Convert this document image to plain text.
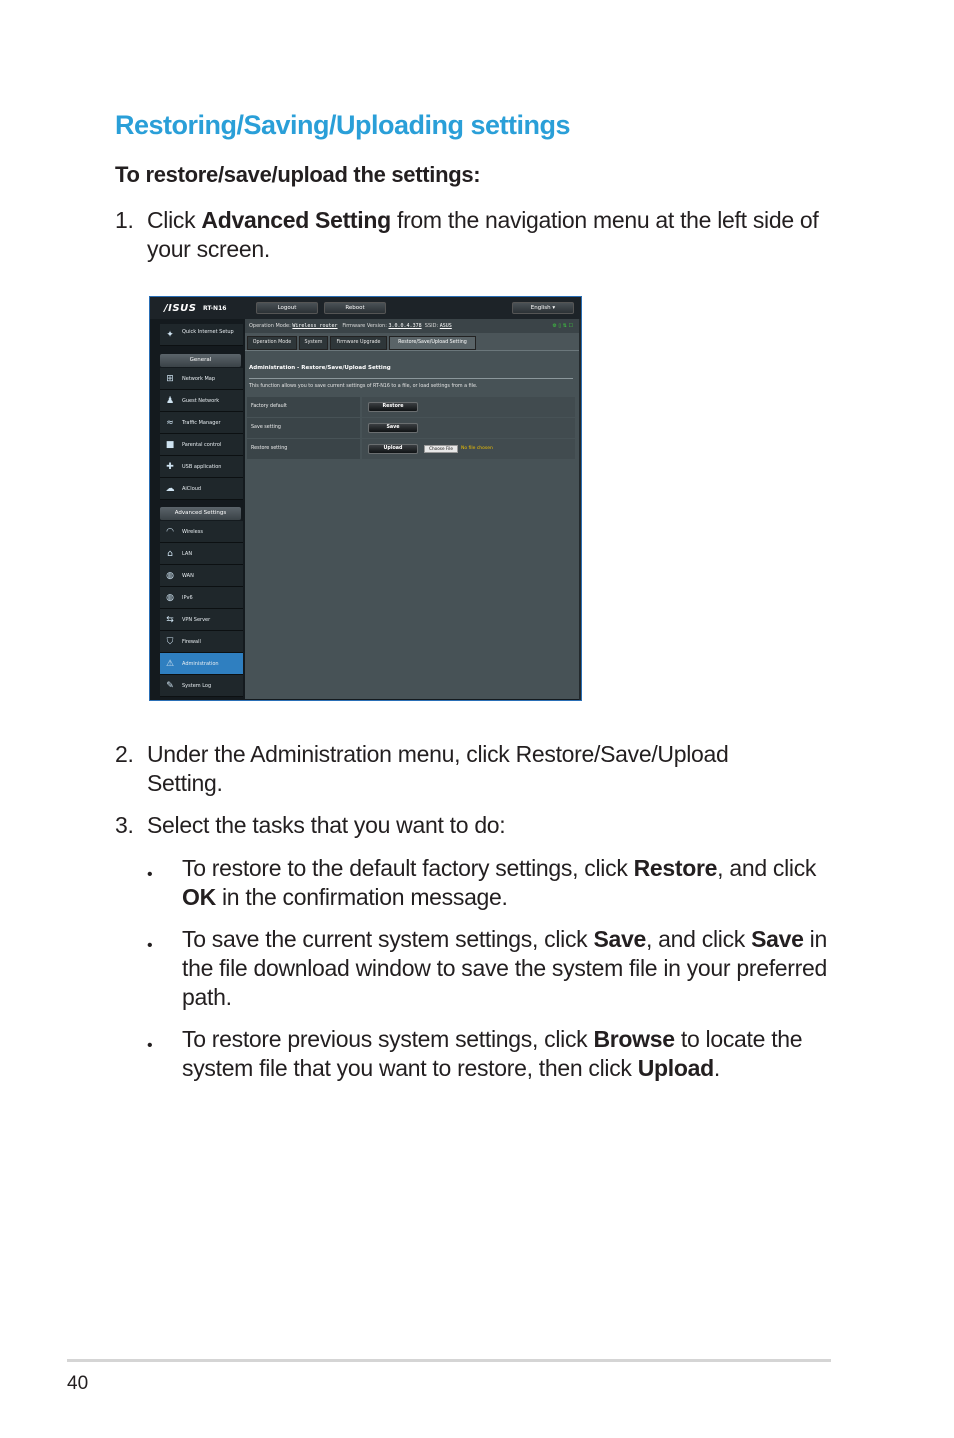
Restoring/Saving/Uploading settings
To restore/save/upload the settings:
1. Click Advanced Setting from the navigation menu at the left side of your screen.
/ISUS RT-N16	Logout	Reboot	English ▾
✦ Quick Internet Setup
General
⊞ Network Map
♟ Guest Network
≈ Traffic Manager
■ Parental control
✚ USB application
☁ AiCloud
Advanced Settings
◠ Wireless
⌂	LAN
◍ WAN
◍ IPv6
⇆ VPN Server
⛉	Firewall
⚠ Administration
✎ System Log
Operation Mode: Wireless router Firmware Version: 3.0.0.4.378 SSID: ASUS	⚙ ▯ ⇅ ☐
Operation Mode	System	Firmware Upgrade	Restore/Save/Upload Setting
Administration - Restore/Save/Upload Setting
This function allows you to save current settings of RT-N16 to a file, or load settings from a file.
Factory default	Restore
Save setting	Save
Restore setting	Upload	Choose File	No file chosen
2. Under the Administration menu, click Restore/Save/Upload Setting.
3. Select the tasks that you want to do:
• To restore to the default factory settings, click Restore, and click OK in the confirmation message.
• To save the current system settings, click Save, and click Save in the file download window to save the system file in your preferred path.
• To restore previous system settings, click Browse to locate the system file that you want to restore, then click Upload.
40
